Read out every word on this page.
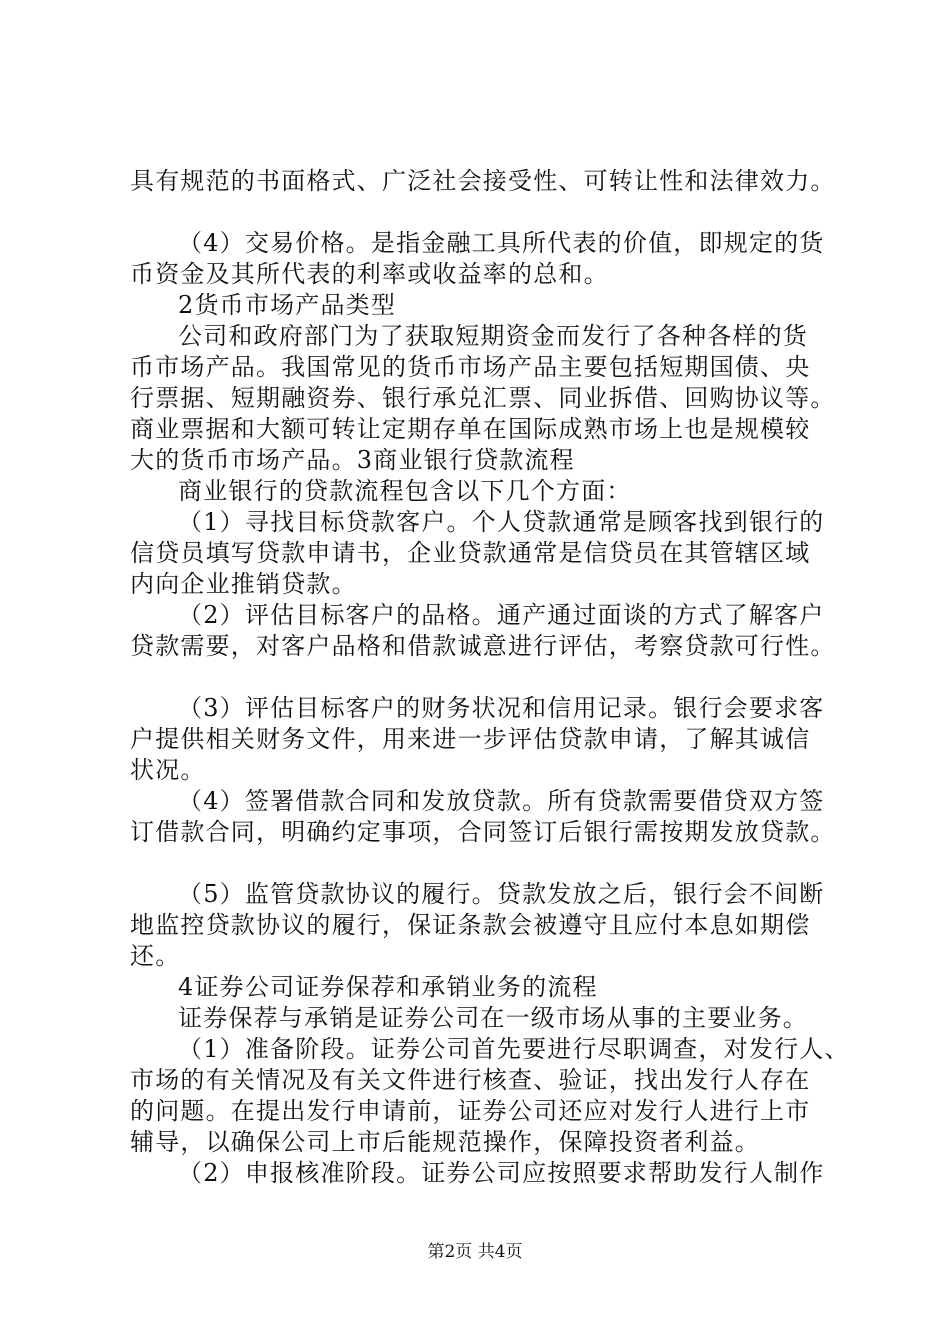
具有规范的书面格式、广泛社会接受性、可转让性和法律效力。
（4）交易价格。是指金融工具所代表的价值，即规定的货
币资金及其所代表的利率或收益率的总和。
2货币市场产品类型
公司和政府部门为了获取短期资金而发行了各种各样的货
币市场产品。我国常见的货币市场产品主要包括短期国债、央
行票据、短期融资券、银行承兑汇票、同业拆借、回购协议等。
商业票据和大额可转让定期存单在国际成熟市场上也是规模较
大的货币市场产品。3商业银行贷款流程
商业银行的贷款流程包含以下几个方面：
（1）寻找目标贷款客户。个人贷款通常是顾客找到银行的
信贷员填写贷款申请书，企业贷款通常是信贷员在其管辖区域
内向企业推销贷款。
（2）评估目标客户的品格。通产通过面谈的方式了解客户
贷款需要，对客户品格和借款诚意进行评估，考察贷款可行性。
（3）评估目标客户的财务状况和信用记录。银行会要求客
户提供相关财务文件，用来进一步评估贷款申请，了解其诚信
状况。
（4）签署借款合同和发放贷款。所有贷款需要借贷双方签
订借款合同，明确约定事项，合同签订后银行需按期发放贷款。
（5）监管贷款协议的履行。贷款发放之后，银行会不间断
地监控贷款协议的履行，保证条款会被遵守且应付本息如期偿
还。
4证券公司证券保荐和承销业务的流程
证券保荐与承销是证券公司在一级市场从事的主要业务。
（1）准备阶段。证券公司首先要进行尽职调查，对发行人、
市场的有关情况及有关文件进行核查、验证，找出发行人存在
的问题。在提出发行申请前，证券公司还应对发行人进行上市
辅导，以确保公司上市后能规范操作，保障投资者利益。
（2）申报核准阶段。证券公司应按照要求帮助发行人制作
第2页 共4页
